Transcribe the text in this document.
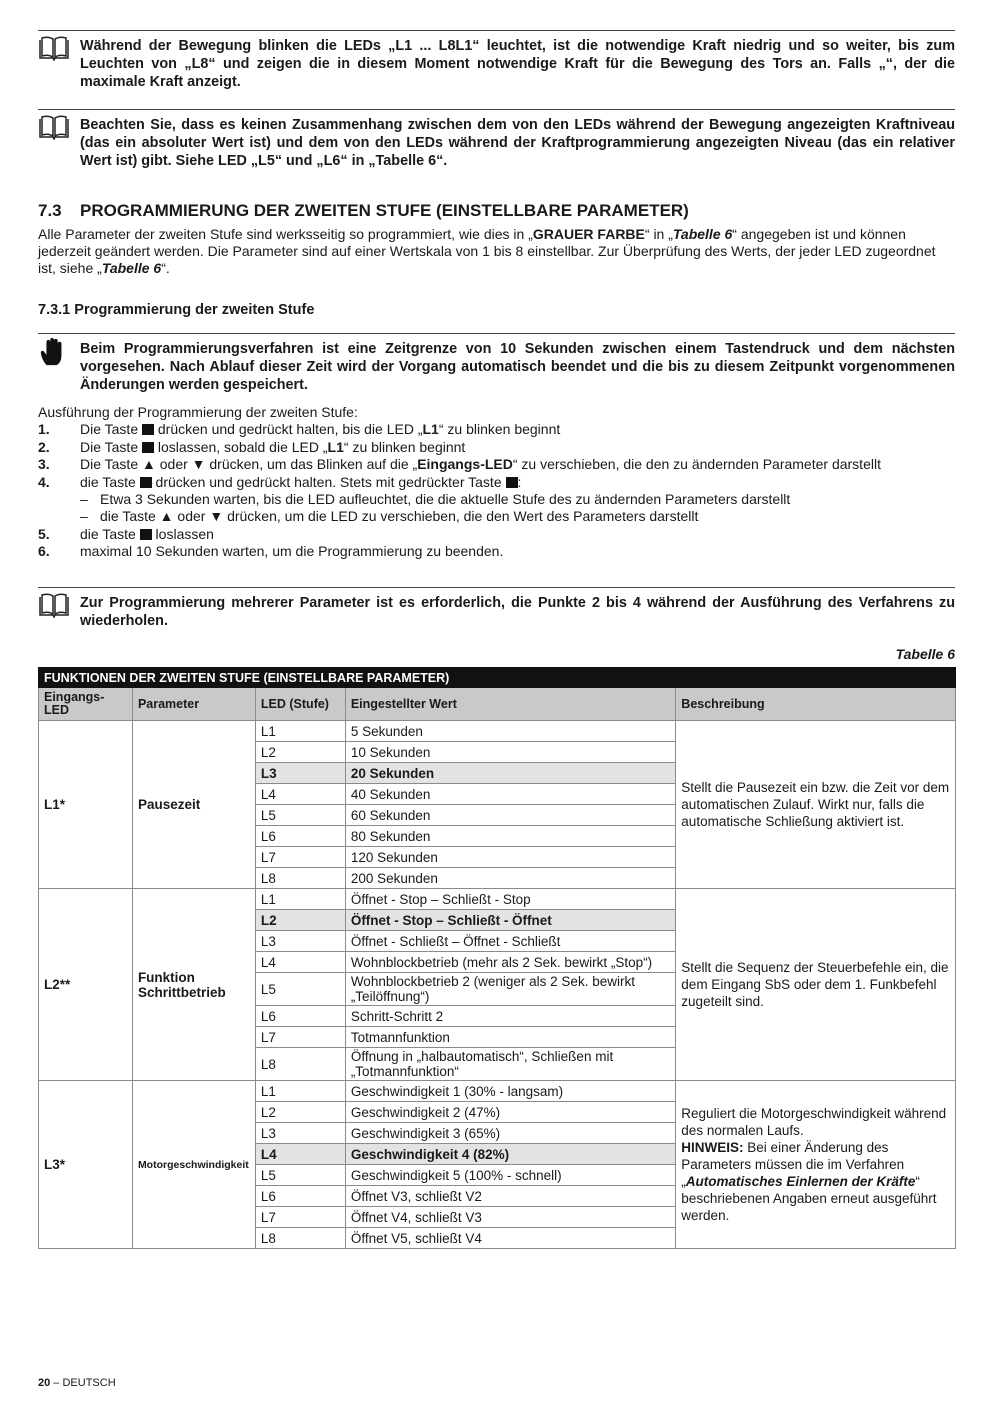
Während der Bewegung blinken die LEDs „L1 ... L8L1“ leuchtet, ist die notwendige Kraft niedrig und so weiter, bis zum Leuchten von „L8“ und zeigen die in diesem Moment notwendige Kraft für die Bewegung des Tors an. Falls „“, der die maximale Kraft anzeigt.
Beachten Sie, dass es keinen Zusammenhang zwischen dem von den LEDs während der Bewegung angezeigten Kraftniveau (das ein absoluter Wert ist) und dem von den LEDs während der Kraftprogrammierung angezeigten Niveau (das ein relativer Wert ist) gibt. Siehe LED „L5“ und „L6“ in „Tabelle 6“.
7.3 PROGRAMMIERUNG DER ZWEITEN STUFE (EINSTELLBARE PARAMETER)
Alle Parameter der zweiten Stufe sind werksseitig so programmiert, wie dies in „GRAUER FARBE“ in „Tabelle 6“ angegeben ist und können jederzeit geändert werden. Die Parameter sind auf einer Wertskala von 1 bis 8 einstellbar. Zur Überprüfung des Werts, der jeder LED zugeordnet ist, siehe „Tabelle 6“.
7.3.1 Programmierung der zweiten Stufe
Beim Programmierungsverfahren ist eine Zeitgrenze von 10 Sekunden zwischen einem Tastendruck und dem nächsten vorgesehen. Nach Ablauf dieser Zeit wird der Vorgang automatisch beendet und die bis zu diesem Zeitpunkt vorgenommenen Änderungen werden gespeichert.
Ausführung der Programmierung der zweiten Stufe:
1.	Die Taste  drücken und gedrückt halten, bis die LED „L1“ zu blinken beginnt
2.	Die Taste  loslassen, sobald die LED „L1“ zu blinken beginnt
3.	Die Taste ▲ oder ▼ drücken, um das Blinken auf die „Eingangs-LED“ zu verschieben, die den zu ändernden Parameter darstellt
4.	die Taste  drücken und gedrückt halten. Stets mit gedrückter Taste :
– Etwa 3 Sekunden warten, bis die LED aufleuchtet, die die aktuelle Stufe des zu ändernden Parameters darstellt
– die Taste ▲ oder ▼ drücken, um die LED zu verschieben, die den Wert des Parameters darstellt
5.	die Taste  loslassen
6.	maximal 10 Sekunden warten, um die Programmierung zu beenden.
Zur Programmierung mehrerer Parameter ist es erforderlich, die Punkte 2 bis 4 während der Ausführung des Verfahrens zu wiederholen.
Tabelle 6
FUNKTIONEN DER ZWEITEN STUFE (EINSTELLBARE PARAMETER)				
Eingangs-LED	Parameter	LED (Stufe)	Eingestellter Wert	Beschreibung
L1*	Pausezeit	L1	5 Sekunden	Stellt die Pausezeit ein bzw. die Zeit vor dem automatischen Zulauf. Wirkt nur, falls die automatische Schließung aktiviert ist.
		L2	10 Sekunden	
		L3	20 Sekunden	
		L4	40 Sekunden	
		L5	60 Sekunden	
		L6	80 Sekunden	
		L7	120 Sekunden	
		L8	200 Sekunden	
L2**	Funktion Schrittbetrieb	L1	Öffnet - Stop – Schließt - Stop	Stellt die Sequenz der Steuerbefehle ein, die dem Eingang SbS oder dem 1. Funkbefehl zugeteilt sind.
		L2	Öffnet - Stop – Schließt - Öffnet	
		L3	Öffnet - Schließt – Öffnet - Schließt	
		L4	Wohnblockbetrieb (mehr als 2 Sek. bewirkt „Stop“)	
		L5	Wohnblockbetrieb 2 (weniger als 2 Sek. bewirkt „Teilöffnung“)	
		L6	Schritt-Schritt 2	
		L7	Totmannfunktion	
		L8	Öffnung in „halbautomatisch“, Schließen mit „Totmannfunktion“	
L3*	Motorgeschwindigkeit	L1	Geschwindigkeit 1 (30% - langsam)	Reguliert die Motorgeschwindigkeit während des normalen Laufs.
HINWEIS: Bei einer Änderung des Parameters müssen die im Verfahren „Automatisches Einlernen der Kräfte“ beschriebenen Angaben erneut ausgeführt werden.
		L2	Geschwindigkeit 2 (47%)	
		L3	Geschwindigkeit 3 (65%)	
		L4	Geschwindigkeit 4 (82%)	
		L5	Geschwindigkeit 5 (100% - schnell)	
		L6	Öffnet V3, schließt V2	
		L7	Öffnet V4, schließt V3	
		L8	Öffnet V5, schließt V4	
20 – DEUTSCH
